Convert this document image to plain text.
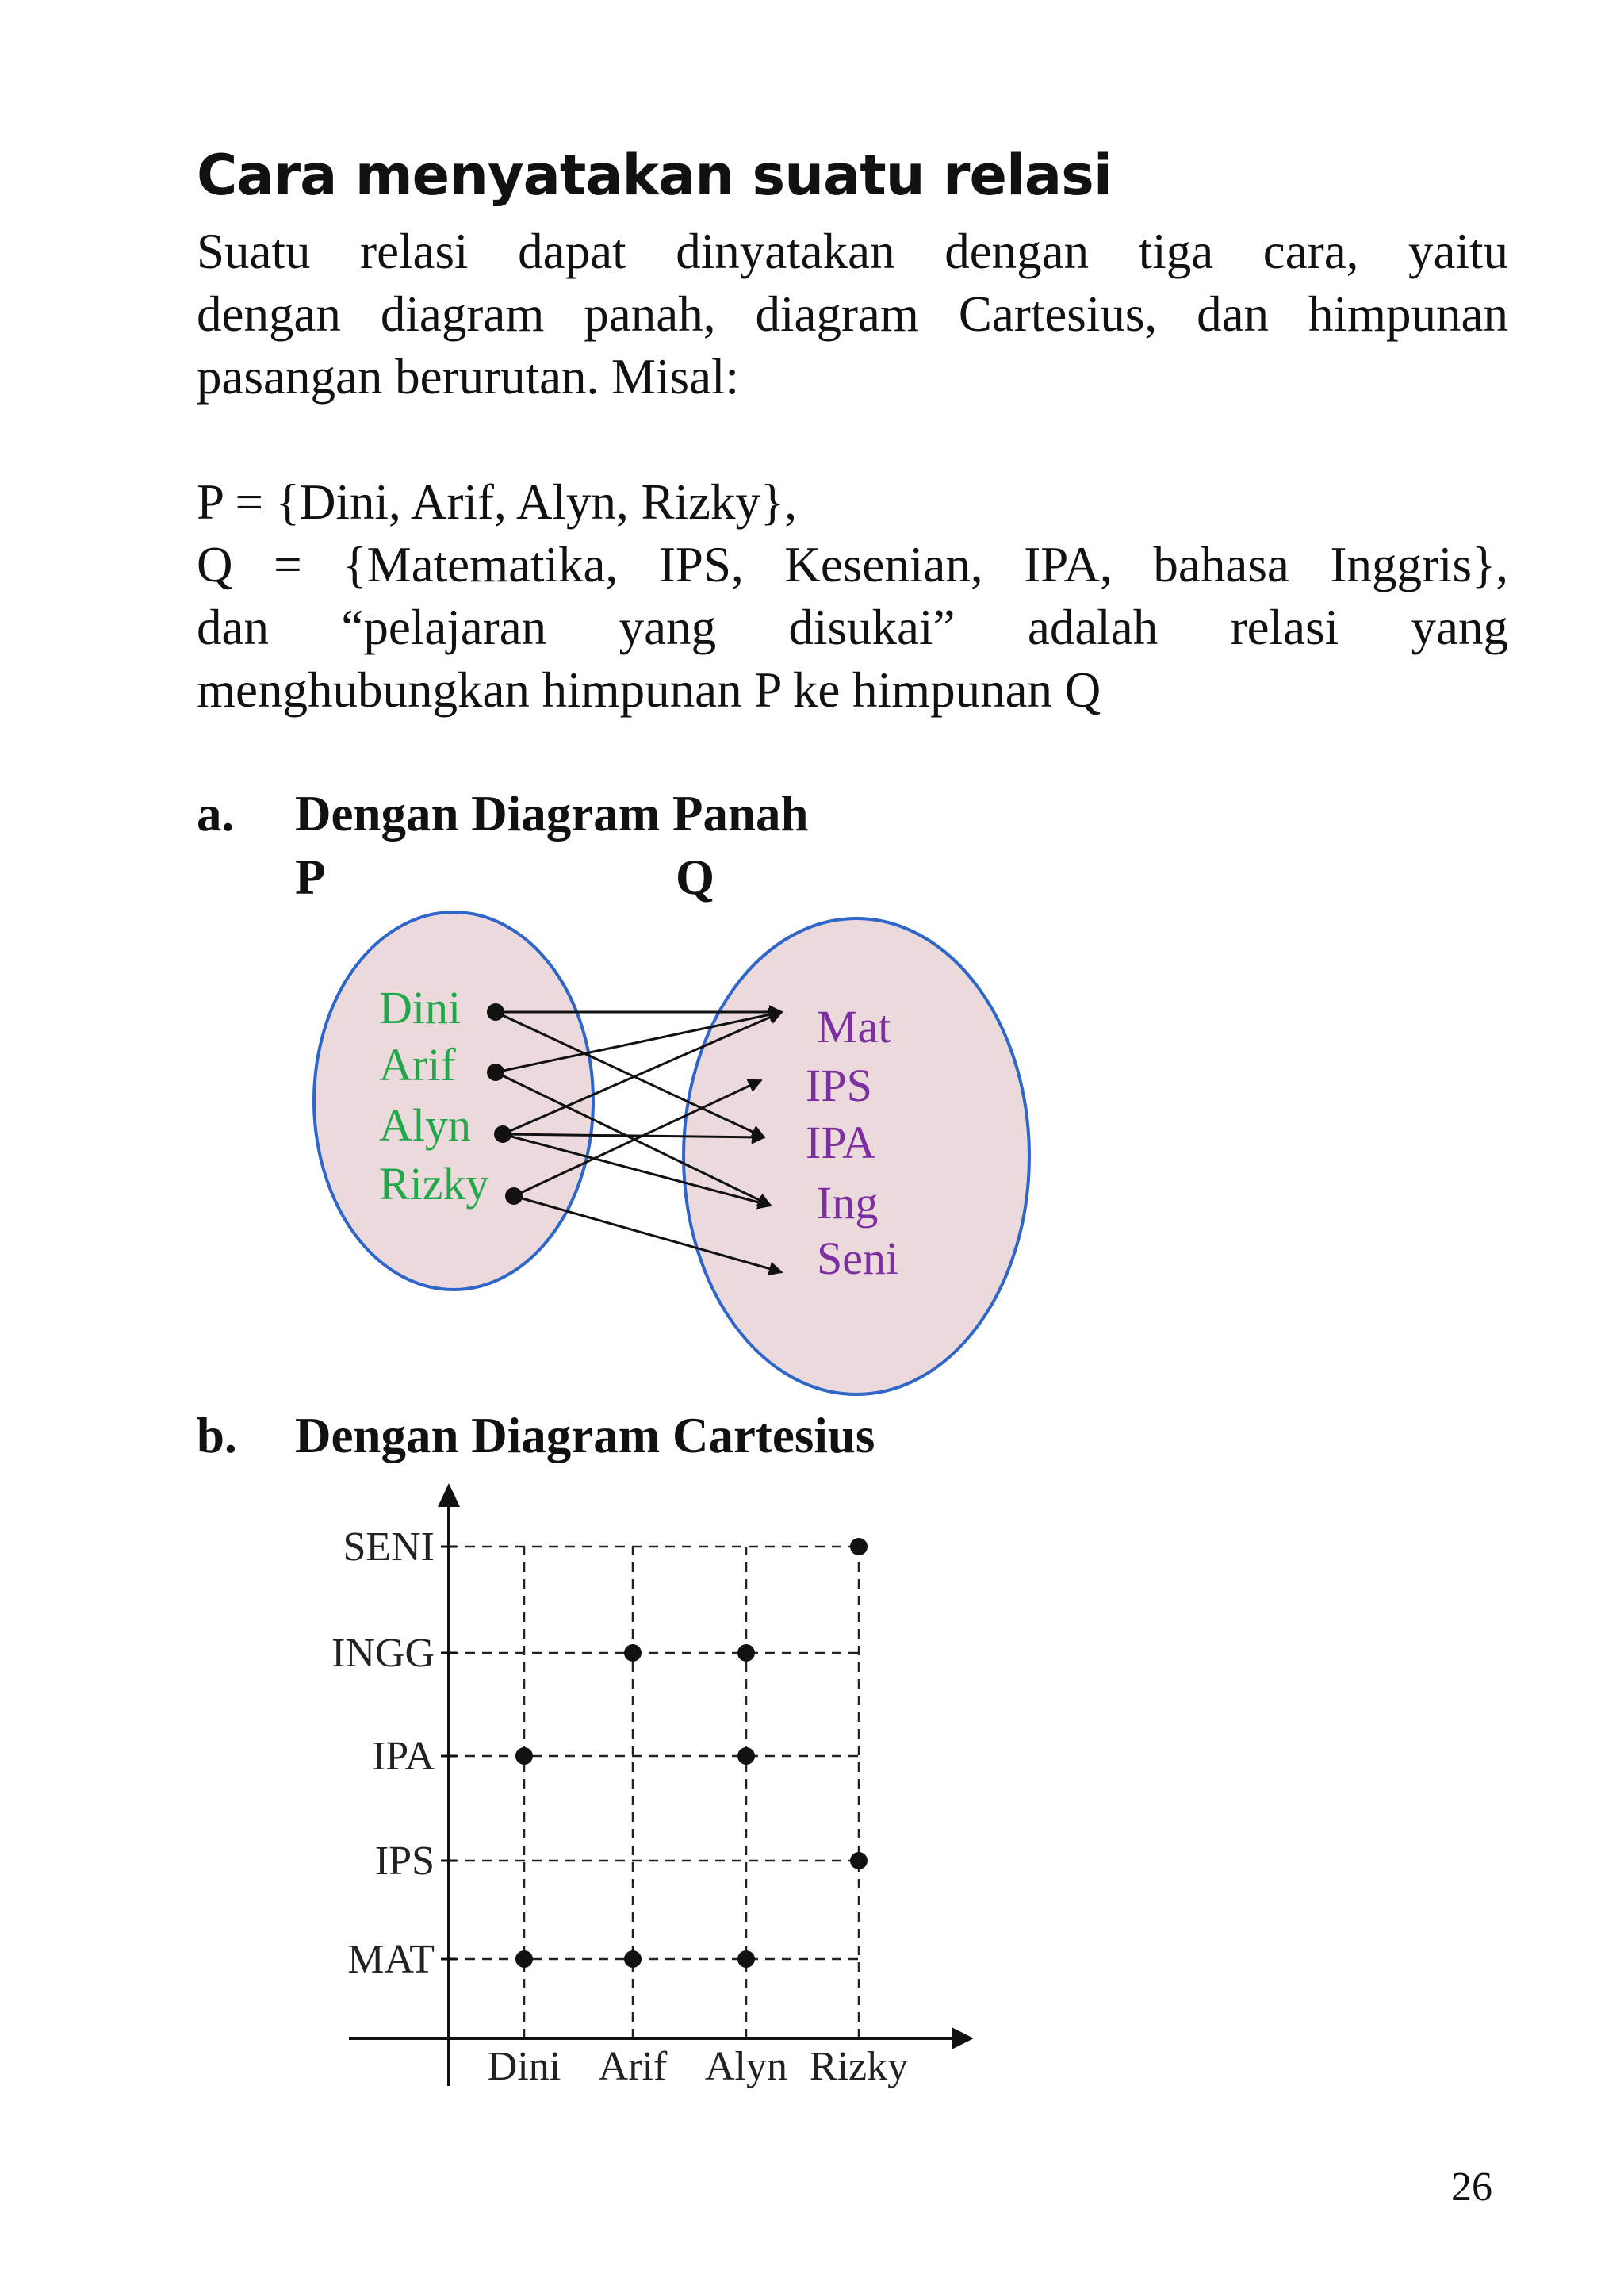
Cara menyatakan suatu relasi
Suatu relasi dapat dinyatakan dengan tiga cara, yaitu
dengan diagram panah, diagram Cartesius, dan himpunan
pasangan berurutan. Misal:
P = {Dini, Arif, Alyn, Rizky},
Q = {Matematika, IPS, Kesenian, IPA, bahasa Inggris},
dan “pelajaran yang disukai” adalah relasi yang
menghubungkan himpunan P ke himpunan Q
a. Dengan Diagram Panah
P	Q
Dini
Arif
Alyn
Rizky
Mat
IPS
IPA
Ing
Seni
b. Dengan Diagram Cartesius
MAT
IPS
IPA
INGG
SENI
Dini Arif Alyn Rizky
26
